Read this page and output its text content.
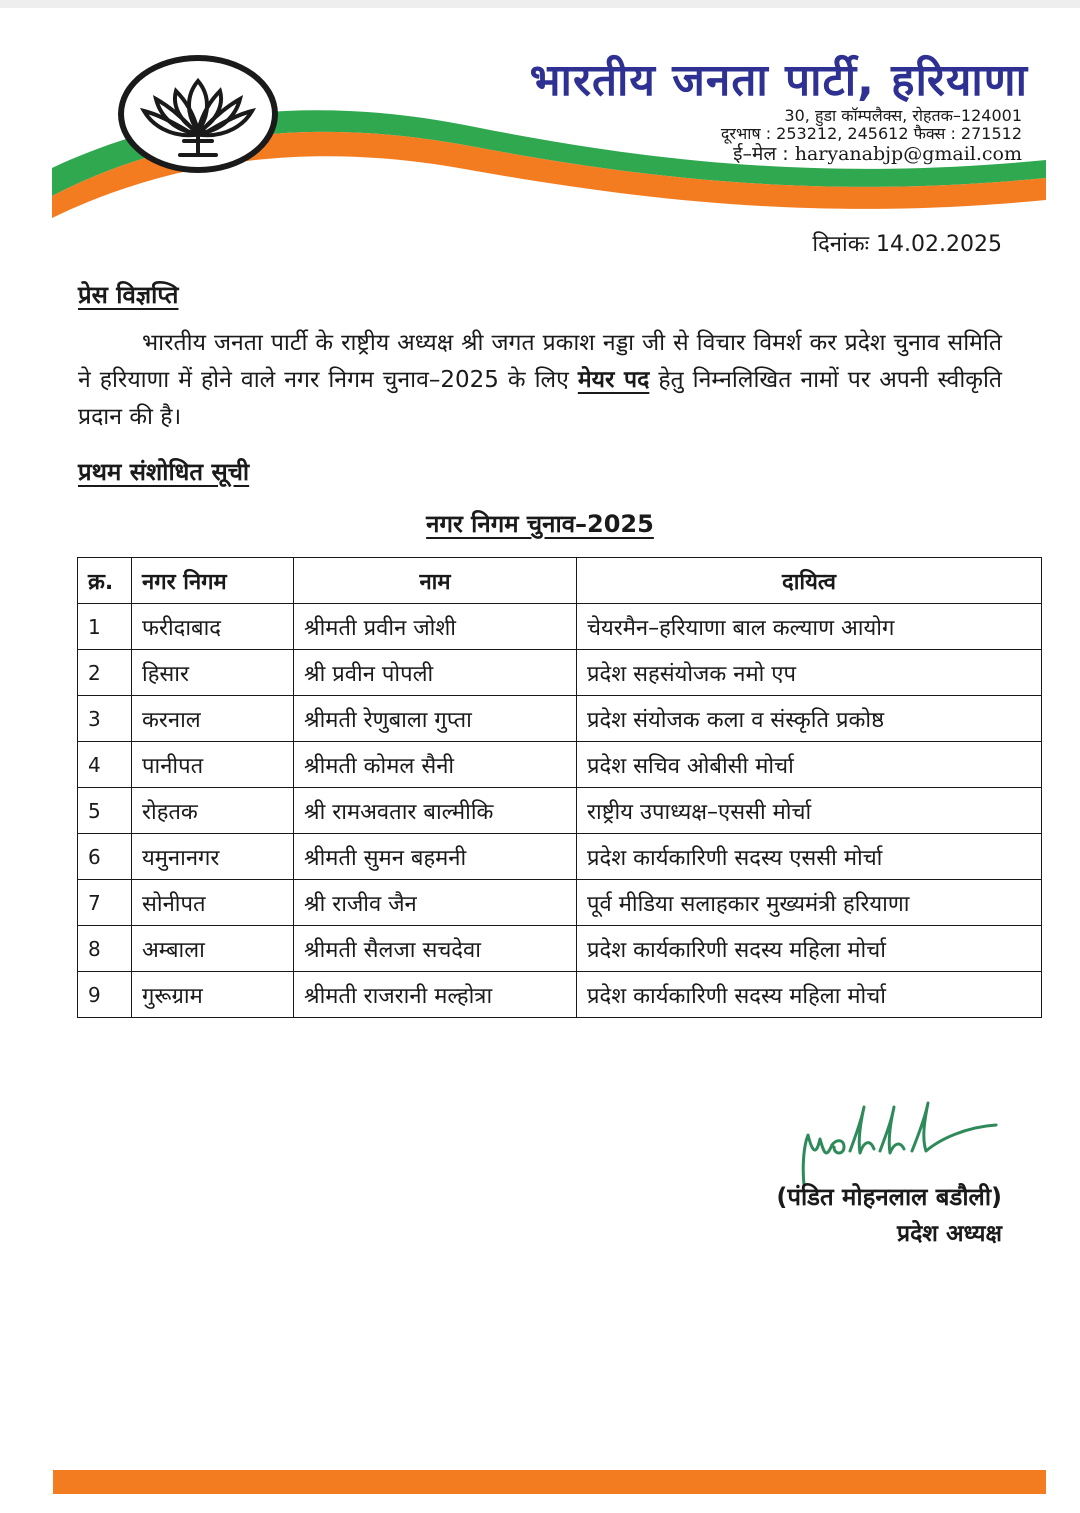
भारतीय जनता पार्टी, हरियाणा
30, हुडा कॉम्पलैक्स, रोहतक–124001
दूरभाष : 253212, 245612 फैक्स : 271512
ई–मेल : haryanabjp@gmail.com
दिनांकः 14.02.2025
प्रेस विज्ञप्ति

भारतीय जनता पार्टी के राष्ट्रीय अध्यक्ष श्री जगत प्रकाश नड्डा जी से विचार विमर्श कर प्रदेश चुनाव समिति ने हरियाणा में होने वाले नगर निगम चुनाव–2025 के लिए मेयर पद हेतु निम्नलिखित नामों पर अपनी स्वीकृति प्रदान की है।

प्रथम संशोधित सूची
नगर निगम चुनाव–2025
क्र.	नगर निगम	नाम	दायित्व
1	फरीदाबाद	श्रीमती प्रवीन जोशी	चेयरमैन–हरियाणा बाल कल्याण आयोग
2	हिसार	श्री प्रवीन पोपली	प्रदेश सहसंयोजक नमो एप
3	करनाल	श्रीमती रेणुबाला गुप्ता	प्रदेश संयोजक कला व संस्कृति प्रकोष्ठ
4	पानीपत	श्रीमती कोमल सैनी	प्रदेश सचिव ओबीसी मोर्चा
5	रोहतक	श्री रामअवतार बाल्मीकि	राष्ट्रीय उपाध्यक्ष–एससी मोर्चा
6	यमुनानगर	श्रीमती सुमन बहमनी	प्रदेश कार्यकारिणी सदस्य एससी मोर्चा
7	सोनीपत	श्री राजीव जैन	पूर्व मीडिया सलाहकार मुख्यमंत्री हरियाणा
8	अम्बाला	श्रीमती सैलजा सचदेवा	प्रदेश कार्यकारिणी सदस्य महिला मोर्चा
9	गुरूग्राम	श्रीमती राजरानी मल्होत्रा	प्रदेश कार्यकारिणी सदस्य महिला मोर्चा
(पंडित मोहनलाल बडौली)
प्रदेश अध्यक्ष
